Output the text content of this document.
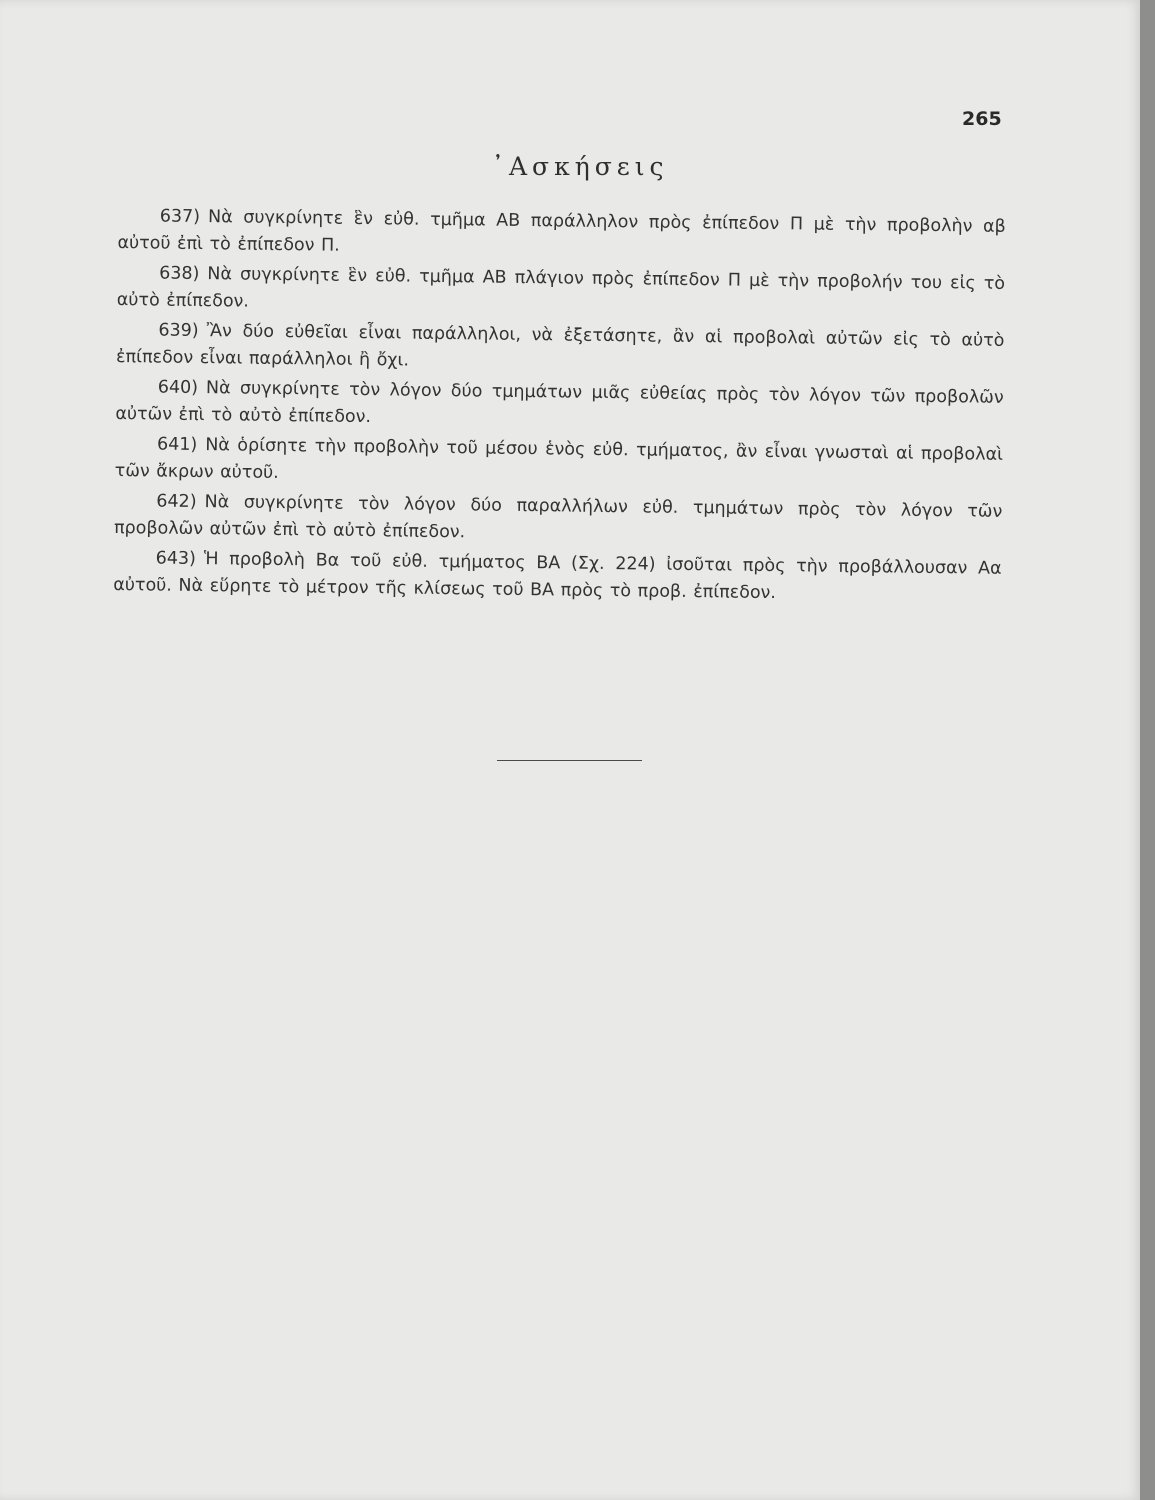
265
᾿Ασκήσεις

637) Νὰ συγκρίνητε ἓν εὐθ. τμῆμα ΑΒ παράλληλον πρὸς ἐπίπεδον Π μὲ τὴν προβολὴν αβ αὐτοῦ ἐπὶ τὸ ἐπίπεδον Π.

638) Νὰ συγκρίνητε ἓν εὐθ. τμῆμα ΑΒ πλάγιον πρὸς ἐπίπεδον Π μὲ τὴν προβολήν του εἰς τὸ αὐτὸ ἐπίπεδον.

639) Ἂν δύο εὐθεῖαι εἶναι παράλληλοι, νὰ ἐξετάσητε, ἂν αἱ προβολαὶ αὐτῶν εἰς τὸ αὐτὸ ἐπίπεδον εἶναι παράλληλοι ἢ ὄχι.

640) Νὰ συγκρίνητε τὸν λόγον δύο τμημάτων μιᾶς εὐθείας πρὸς τὸν λόγον τῶν προβολῶν αὐτῶν ἐπὶ τὸ αὐτὸ ἐπίπεδον.

641) Νὰ ὁρίσητε τὴν προβολὴν τοῦ μέσου ἑνὸς εὐθ. τμήματος, ἂν εἶναι γνωσταὶ αἱ προβολαὶ τῶν ἄκρων αὐτοῦ.

642) Νὰ συγκρίνητε τὸν λόγον δύο παραλλήλων εὐθ. τμημάτων πρὸς τὸν λόγον τῶν προβολῶν αὐτῶν ἐπὶ τὸ αὐτὸ ἐπίπεδον.

643) Ἡ προβολὴ Βα τοῦ εὐθ. τμήματος ΒΑ (Σχ. 224) ἰσοῦται πρὸς τὴν προβάλλουσαν Αα αὐτοῦ. Νὰ εὕρητε τὸ μέτρον τῆς κλίσεως τοῦ ΒΑ πρὸς τὸ προβ. ἐπίπεδον.
